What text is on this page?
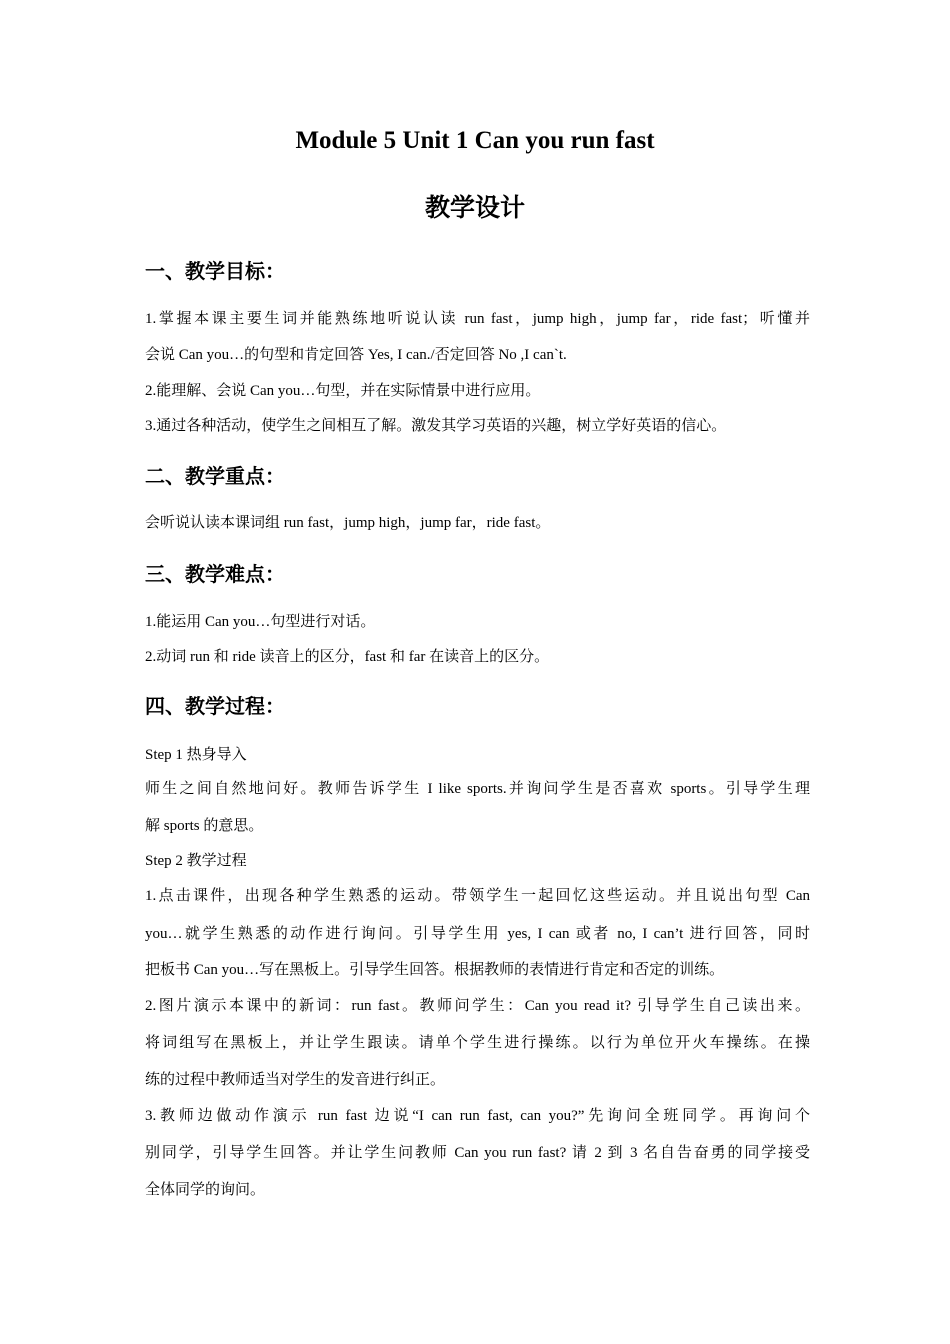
Module 5 Unit 1 Can you run fast
教学设计
一、教学目标：
1.掌握本课主要生词并能熟练地听说认读 run fast，jump high，jump far，ride fast；听懂并
会说 Can you…的句型和肯定回答 Yes, I can./否定回答 No ,I can`t.
2.能理解、会说 Can you…句型，并在实际情景中进行应用。
3.通过各种活动，使学生之间相互了解。激发其学习英语的兴趣，树立学好英语的信心。
二、教学重点：
会听说认读本课词组 run fast，jump high，jump far，ride fast。
三、教学难点：
1.能运用 Can you…句型进行对话。
2.动词 run 和 ride 读音上的区分，fast 和 far 在读音上的区分。
四、教学过程：
Step 1 热身导入
师生之间自然地问好。教师告诉学生 I like sports.并询问学生是否喜欢 sports。引导学生理
解 sports 的意思。
Step 2 教学过程
1.点击课件，出现各种学生熟悉的运动。带领学生一起回忆这些运动。并且说出句型 Can
you…就学生熟悉的动作进行询问。引导学生用 yes, I can 或者 no, I can’t 进行回答，同时
把板书 Can you…写在黑板上。引导学生回答。根据教师的表情进行肯定和否定的训练。
2.图片演示本课中的新词：run fast。教师问学生：Can you read it? 引导学生自己读出来。
将词组写在黑板上，并让学生跟读。请单个学生进行操练。以行为单位开火车操练。在操
练的过程中教师适当对学生的发音进行纠正。
3.教师边做动作演示 run fast 边说“I can run fast, can you?”先询问全班同学。再询问个
别同学，引导学生回答。并让学生问教师 Can you run fast? 请 2 到 3 名自告奋勇的同学接受
全体同学的询问。
